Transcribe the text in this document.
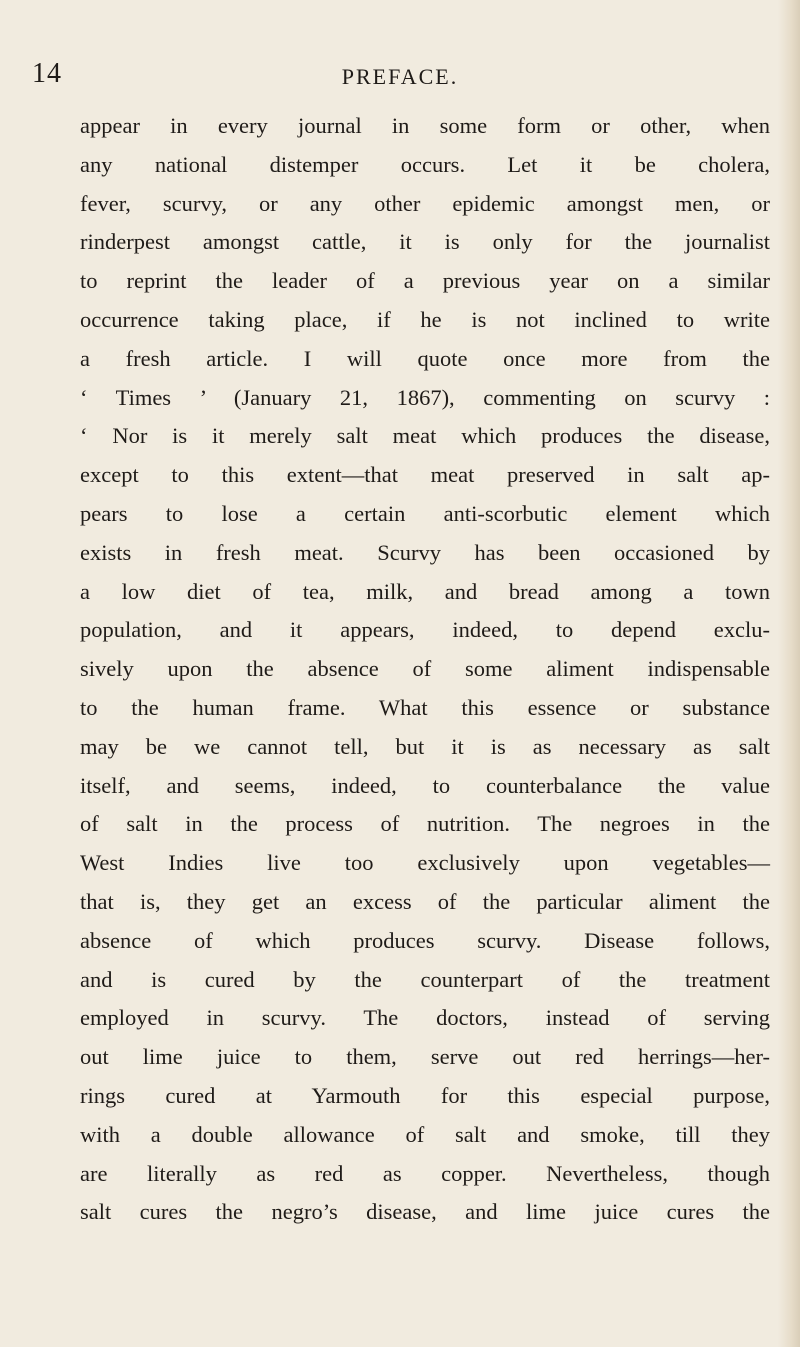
14	PREFACE.
appear in every journal in some form or other, when
any national distemper occurs. Let it be cholera,
fever, scurvy, or any other epidemic amongst men, or
rinderpest amongst cattle, it is only for the journalist
to reprint the leader of a previous year on a similar
occurrence taking place, if he is not inclined to write
a fresh article. I will quote once more from the
‘ Times ’ (January 21, 1867), commenting on scurvy :
‘ Nor is it merely salt meat which produces the disease,
except to this extent—that meat preserved in salt ap-
pears to lose a certain anti-scorbutic element which
exists in fresh meat. Scurvy has been occasioned by
a low diet of tea, milk, and bread among a town
population, and it appears, indeed, to depend exclu-
sively upon the absence of some aliment indispensable
to the human frame. What this essence or substance
may be we cannot tell, but it is as necessary as salt
itself, and seems, indeed, to counterbalance the value
of salt in the process of nutrition. The negroes in the
West Indies live too exclusively upon vegetables—
that is, they get an excess of the particular aliment the
absence of which produces scurvy. Disease follows,
and is cured by the counterpart of the treatment
employed in scurvy. The doctors, instead of serving
out lime juice to them, serve out red herrings—her-
rings cured at Yarmouth for this especial purpose,
with a double allowance of salt and smoke, till they
are literally as red as copper. Nevertheless, though
salt cures the negro’s disease, and lime juice cures the
